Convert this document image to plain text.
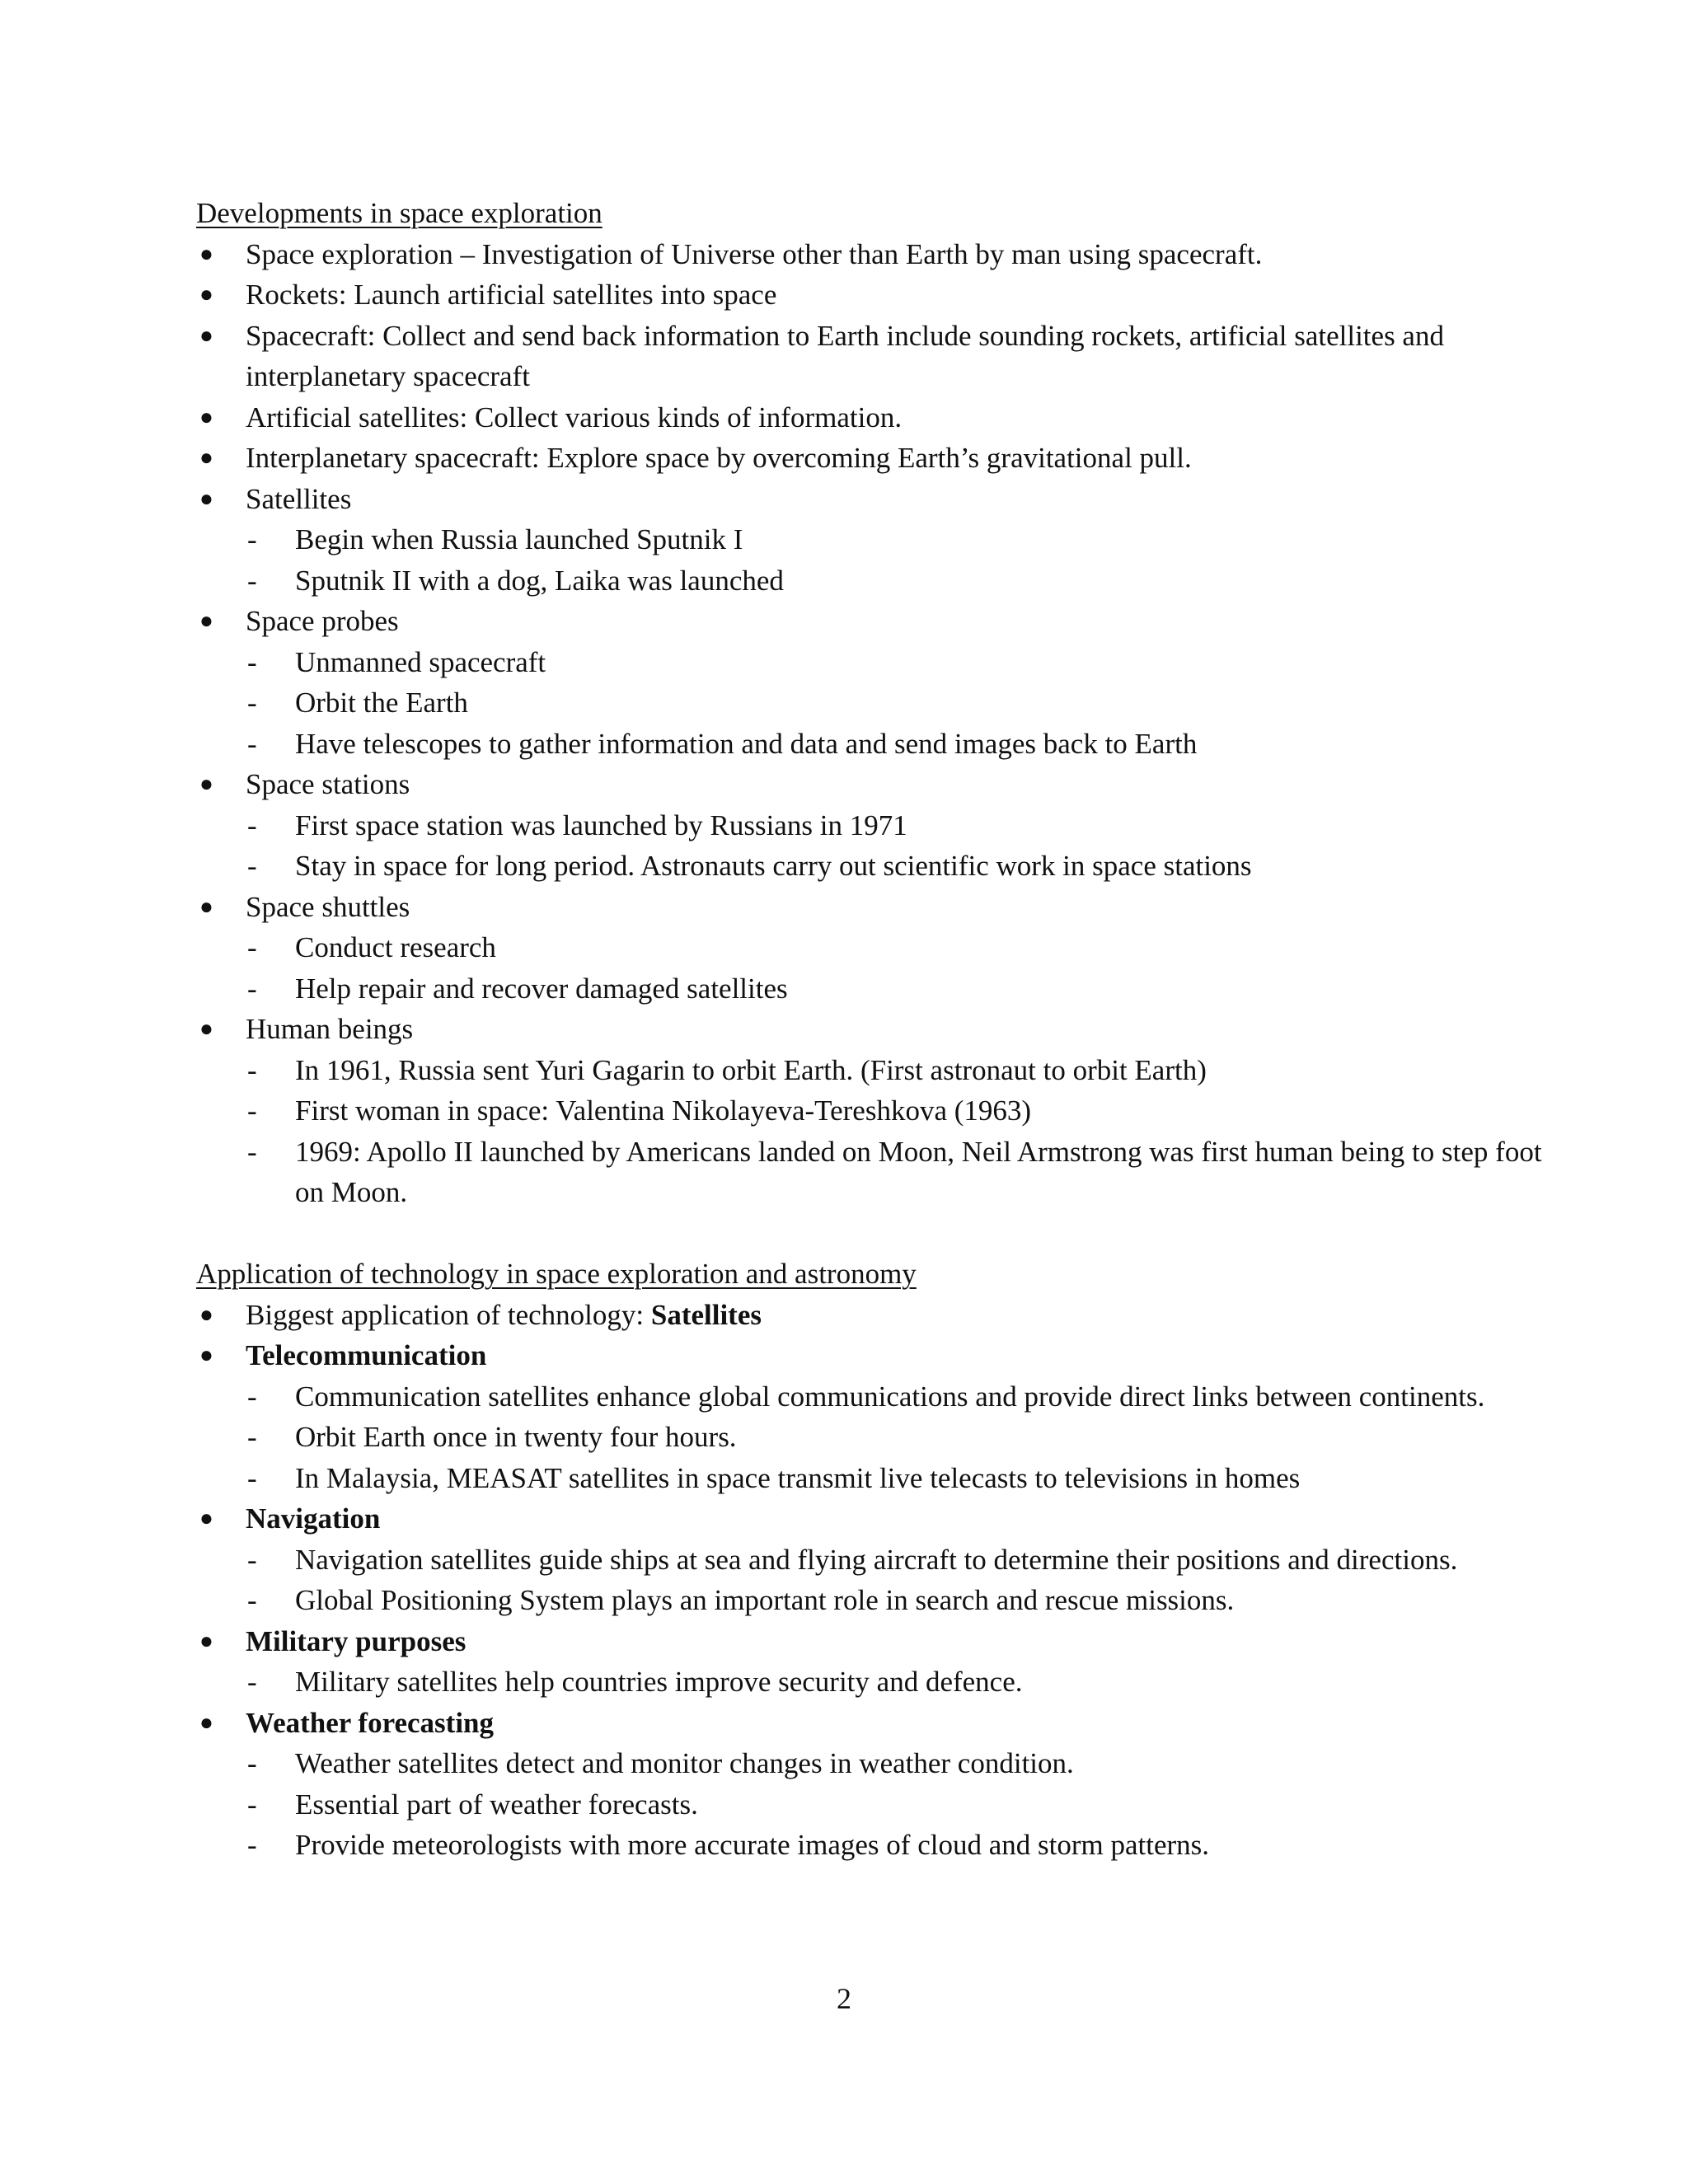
Developments in space exploration
● Space exploration – Investigation of Universe other than Earth by man using spacecraft.
● Rockets: Launch artificial satellites into space
● Spacecraft: Collect and send back information to Earth include sounding rockets, artificial satellites and interplanetary spacecraft
● Artificial satellites: Collect various kinds of information.
● Interplanetary spacecraft: Explore space by overcoming Earth’s gravitational pull.
● Satellites
- Begin when Russia launched Sputnik I
- Sputnik II with a dog, Laika was launched
● Space probes
- Unmanned spacecraft
- Orbit the Earth
- Have telescopes to gather information and data and send images back to Earth
● Space stations
- First space station was launched by Russians in 1971
- Stay in space for long period. Astronauts carry out scientific work in space stations
● Space shuttles
- Conduct research
- Help repair and recover damaged satellites
● Human beings
- In 1961, Russia sent Yuri Gagarin to orbit Earth. (First astronaut to orbit Earth)
- First woman in space: Valentina Nikolayeva-Tereshkova (1963)
- 1969: Apollo II launched by Americans landed on Moon, Neil Armstrong was first human being to step foot on Moon.
Application of technology in space exploration and astronomy
● Biggest application of technology: Satellites
● Telecommunication
- Communication satellites enhance global communications and provide direct links between continents.
- Orbit Earth once in twenty four hours.
- In Malaysia, MEASAT satellites in space transmit live telecasts to televisions in homes
● Navigation
- Navigation satellites guide ships at sea and flying aircraft to determine their positions and directions.
- Global Positioning System plays an important role in search and rescue missions.
● Military purposes
- Military satellites help countries improve security and defence.
● Weather forecasting
- Weather satellites detect and monitor changes in weather condition.
- Essential part of weather forecasts.
- Provide meteorologists with more accurate images of cloud and storm patterns.
2
